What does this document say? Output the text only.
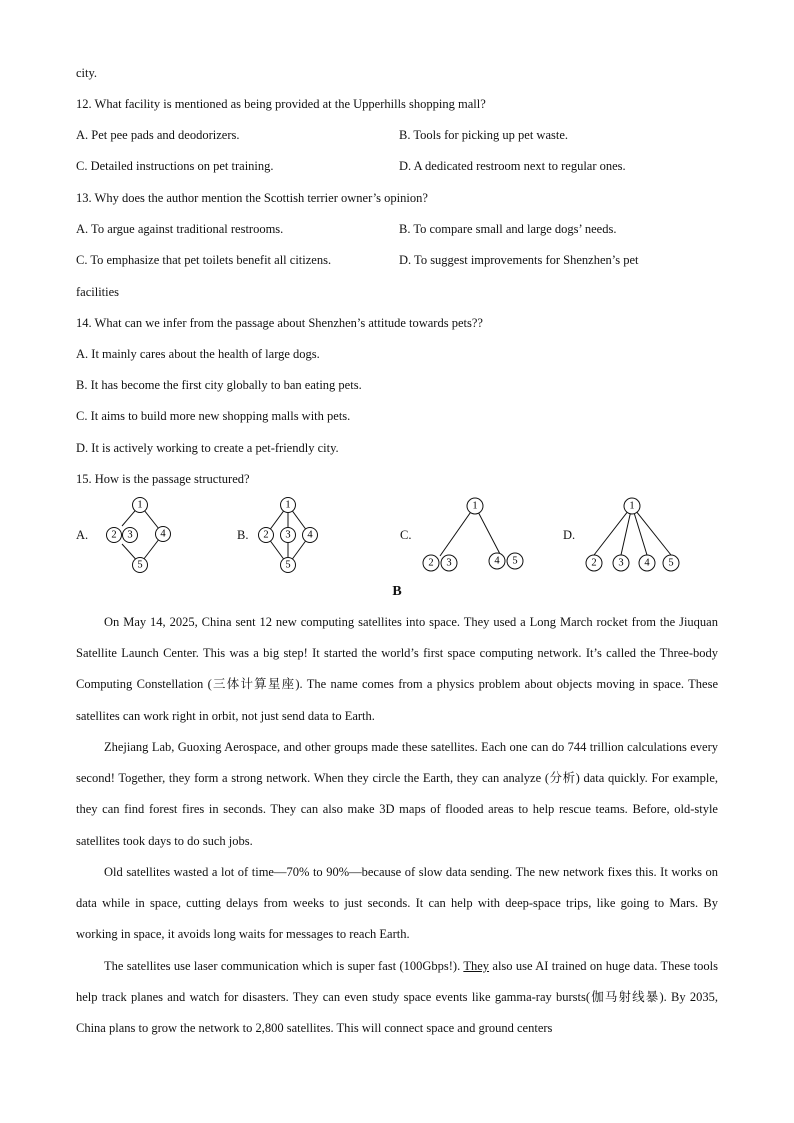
city.
12. What facility is mentioned as being provided at the Upperhills shopping mall?
A. Pet pee pads and deodorizers.	B. Tools for picking up pet waste.
C. Detailed instructions on pet training.	D. A dedicated restroom next to regular ones.
13. Why does the author mention the Scottish terrier owner’s opinion?
A. To argue against traditional restrooms.	B. To compare small and large dogs’ needs.
C. To emphasize that pet toilets benefit all citizens.	D. To suggest improvements for Shenzhen’s pet
facilities
14. What can we infer from the passage about Shenzhen’s attitude towards pets??
A. It mainly cares about the health of large dogs.
B. It has become the first city globally to ban eating pets.
C. It aims to build more new shopping malls with pets.
D. It is actively working to create a pet-friendly city.
15. How is the passage structured?
A.
1
2 3	4
5
B.
1
2 3 4
5
C.
1
2 3	4 5
D.
1
2 3 4 5
B
On May 14, 2025, China sent 12 new computing satellites into space. They used a Long March rocket from the Jiuquan Satellite Launch Center. This was a big step! It started the world’s first space computing network. It’s called the Three-body Computing Constellation (三体计算星座). The name comes from a physics problem about objects moving in space. These satellites can work right in orbit, not just send data to Earth.
Zhejiang Lab, Guoxing Aerospace, and other groups made these satellites. Each one can do 744 trillion calculations every second! Together, they form a strong network. When they circle the Earth, they can analyze (分析) data quickly. For example, they can find forest fires in seconds. They can also make 3D maps of flooded areas to help rescue teams. Before, old-style satellites took days to do such jobs.
Old satellites wasted a lot of time—70% to 90%—because of slow data sending. The new network fixes this. It works on data while in space, cutting delays from weeks to just seconds. It can help with deep-space trips, like going to Mars. By working in space, it avoids long waits for messages to reach Earth.
The satellites use laser communication which is super fast (100Gbps!). They also use AI trained on huge data. These tools help track planes and watch for disasters. They can even study space events like gamma-ray bursts(伽马射线暴). By 2035, China plans to grow the network to 2,800 satellites. This will connect space and ground centers
